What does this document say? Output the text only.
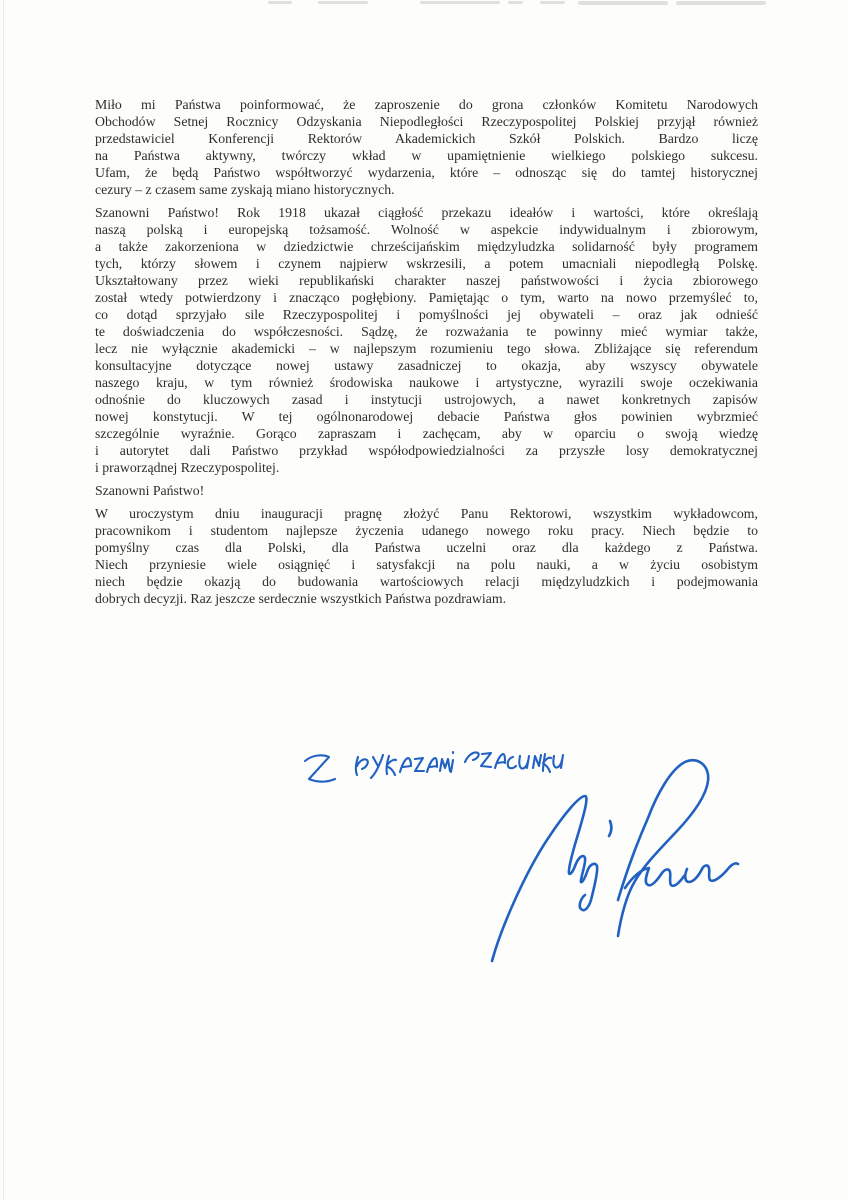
Miło mi Państwa poinformować, że zaproszenie do grona członków Komitetu Narodowych
Obchodów Setnej Rocznicy Odzyskania Niepodległości Rzeczypospolitej Polskiej przyjął również
przedstawiciel Konferencji Rektorów Akademickich Szkół Polskich. Bardzo liczę
na Państwa aktywny, twórczy wkład w upamiętnienie wielkiego polskiego sukcesu.
Ufam, że będą Państwo współtworzyć wydarzenia, które – odnosząc się do tamtej historycznej
cezury – z czasem same zyskają miano historycznych.

Szanowni Państwo! Rok 1918 ukazał ciągłość przekazu ideałów i wartości, które określają
naszą polską i europejską tożsamość. Wolność w aspekcie indywidualnym i zbiorowym,
a także zakorzeniona w dziedzictwie chrześcijańskim międzyludzka solidarność były programem
tych, którzy słowem i czynem najpierw wskrzesili, a potem umacniali niepodległą Polskę.
Ukształtowany przez wieki republikański charakter naszej państwowości i życia zbiorowego
został wtedy potwierdzony i znacząco pogłębiony. Pamiętając o tym, warto na nowo przemyśleć to,
co dotąd sprzyjało sile Rzeczypospolitej i pomyślności jej obywateli – oraz jak odnieść
te doświadczenia do współczesności. Sądzę, że rozważania te powinny mieć wymiar także,
lecz nie wyłącznie akademicki – w najlepszym rozumieniu tego słowa. Zbliżające się referendum
konsultacyjne dotyczące nowej ustawy zasadniczej to okazja, aby wszyscy obywatele
naszego kraju, w tym również środowiska naukowe i artystyczne, wyrazili swoje oczekiwania
odnośnie do kluczowych zasad i instytucji ustrojowych, a nawet konkretnych zapisów
nowej konstytucji. W tej ogólnonarodowej debacie Państwa głos powinien wybrzmieć
szczególnie wyraźnie. Gorąco zapraszam i zachęcam, aby w oparciu o swoją wiedzę
i autorytet dali Państwo przykład współodpowiedzialności za przyszłe losy demokratycznej
i praworządnej Rzeczypospolitej.

Szanowni Państwo!

W uroczystym dniu inauguracji pragnę złożyć Panu Rektorowi, wszystkim wykładowcom,
pracownikom i studentom najlepsze życzenia udanego nowego roku pracy. Niech będzie to
pomyślny czas dla Polski, dla Państwa uczelni oraz dla każdego z Państwa.
Niech przyniesie wiele osiągnięć i satysfakcji na polu nauki, a w życiu osobistym
niech będzie okazją do budowania wartościowych relacji międzyludzkich i podejmowania
dobrych decyzji. Raz jeszcze serdecznie wszystkich Państwa pozdrawiam.
